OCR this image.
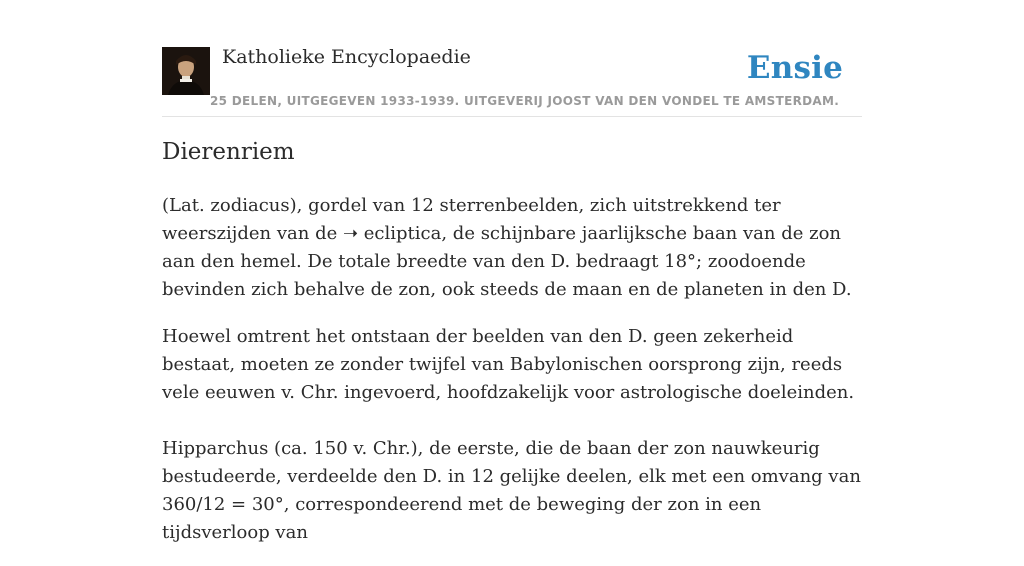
Katholieke Encyclopaedie	Ensie
25 DELEN, UITGEGEVEN 1933-1939. UITGEVERIJ JOOST VAN DEN VONDEL TE AMSTERDAM.
Dierenriem

(Lat. zodiacus), gordel van 12 sterrenbeelden, zich uitstrekkend ter weerszijden van de ➝ ecliptica, de schijnbare jaarlijksche baan van de zon aan den hemel. De totale breedte van den D. bedraagt 18°; zoodoende bevinden zich behalve de zon, ook steeds de maan en de planeten in den D.

Hoewel omtrent het ontstaan der beelden van den D. geen zekerheid bestaat, moeten ze zonder twijfel van Babylonischen oorsprong zijn, reeds vele eeuwen v. Chr. ingevoerd, hoofdzakelijk voor astrologische doeleinden.

Hipparchus (ca. 150 v. Chr.), de eerste, die de baan der zon nauwkeurig bestudeerde, verdeelde den D. in 12 gelijke deelen, elk met een omvang van 360/12 = 30°, correspondeerend met de beweging der zon in een tijdsverloop van
